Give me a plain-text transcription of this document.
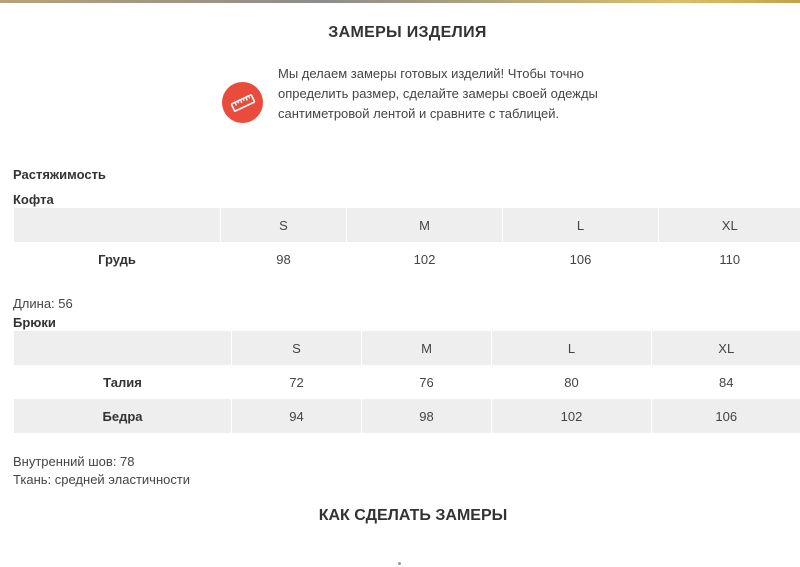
ЗАМЕРЫ ИЗДЕЛИЯ

Мы делаем замеры готовых изделий! Чтобы точно определить размер, сделайте замеры своей одежды сантиметровой лентой и сравните с таблицей.

Растяжимость
Кофта
	S	M	L	XL
Грудь	98	102	106	110
Длина: 56
Брюки
	S	M	L	XL
Талия	72	76	80	84
Бедра	94	98	102	106
Внутренний шов: 78
Ткань: средней эластичности
КАК СДЕЛАТЬ ЗАМЕРЫ
